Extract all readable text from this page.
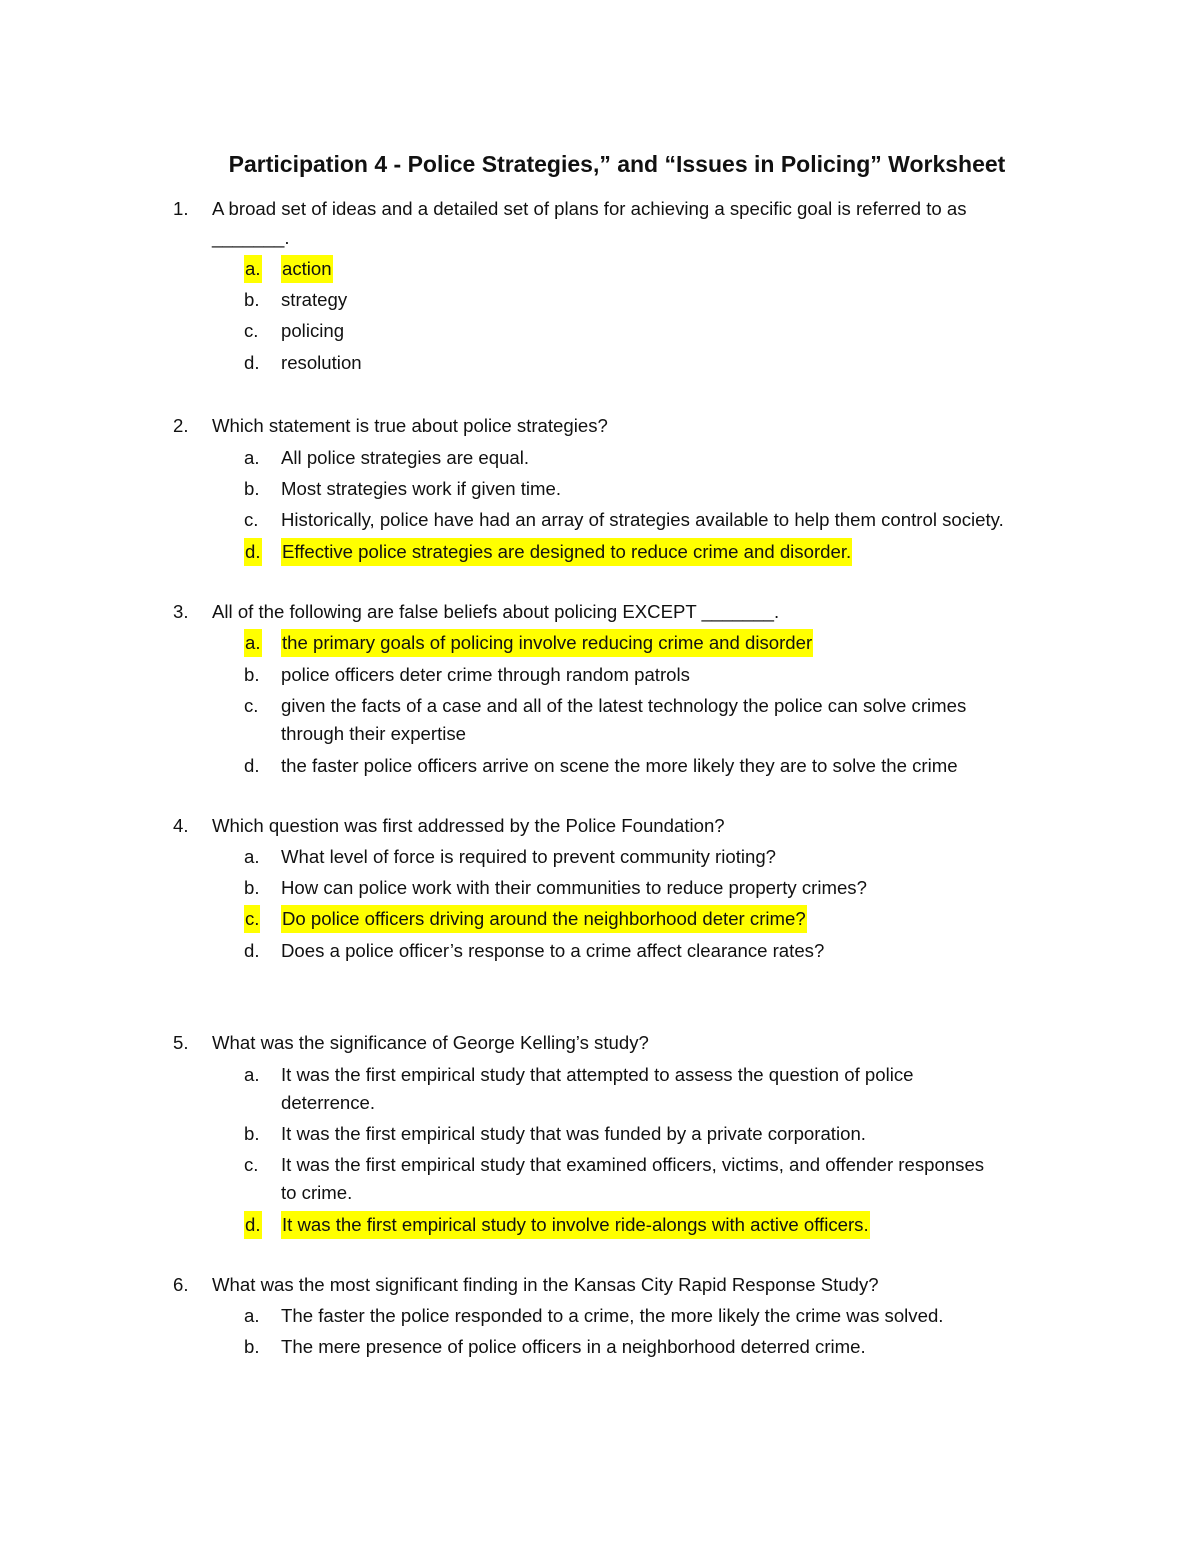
Participation 4 - Police Strategies,” and “Issues in Policing” Worksheet
1. A broad set of ideas and a detailed set of plans for achieving a specific goal is referred to as
_______.
a. action
b. strategy
c. policing
d. resolution
2. Which statement is true about police strategies?
a. All police strategies are equal.
b. Most strategies work if given time.
c. Historically, police have had an array of strategies available to help them control society.
d. Effective police strategies are designed to reduce crime and disorder.
3. All of the following are false beliefs about policing EXCEPT _______.
a. the primary goals of policing involve reducing crime and disorder
b. police officers deter crime through random patrols
c. given the facts of a case and all of the latest technology the police can solve crimes
through their expertise
d. the faster police officers arrive on scene the more likely they are to solve the crime
4. Which question was first addressed by the Police Foundation?
a. What level of force is required to prevent community rioting?
b. How can police work with their communities to reduce property crimes?
c. Do police officers driving around the neighborhood deter crime?
d. Does a police officer’s response to a crime affect clearance rates?
5. What was the significance of George Kelling’s study?
a. It was the first empirical study that attempted to assess the question of police
deterrence.
b. It was the first empirical study that was funded by a private corporation.
c. It was the first empirical study that examined officers, victims, and offender responses
to crime.
d. It was the first empirical study to involve ride-alongs with active officers.
6. What was the most significant finding in the Kansas City Rapid Response Study?
a. The faster the police responded to a crime, the more likely the crime was solved.
b. The mere presence of police officers in a neighborhood deterred crime.
